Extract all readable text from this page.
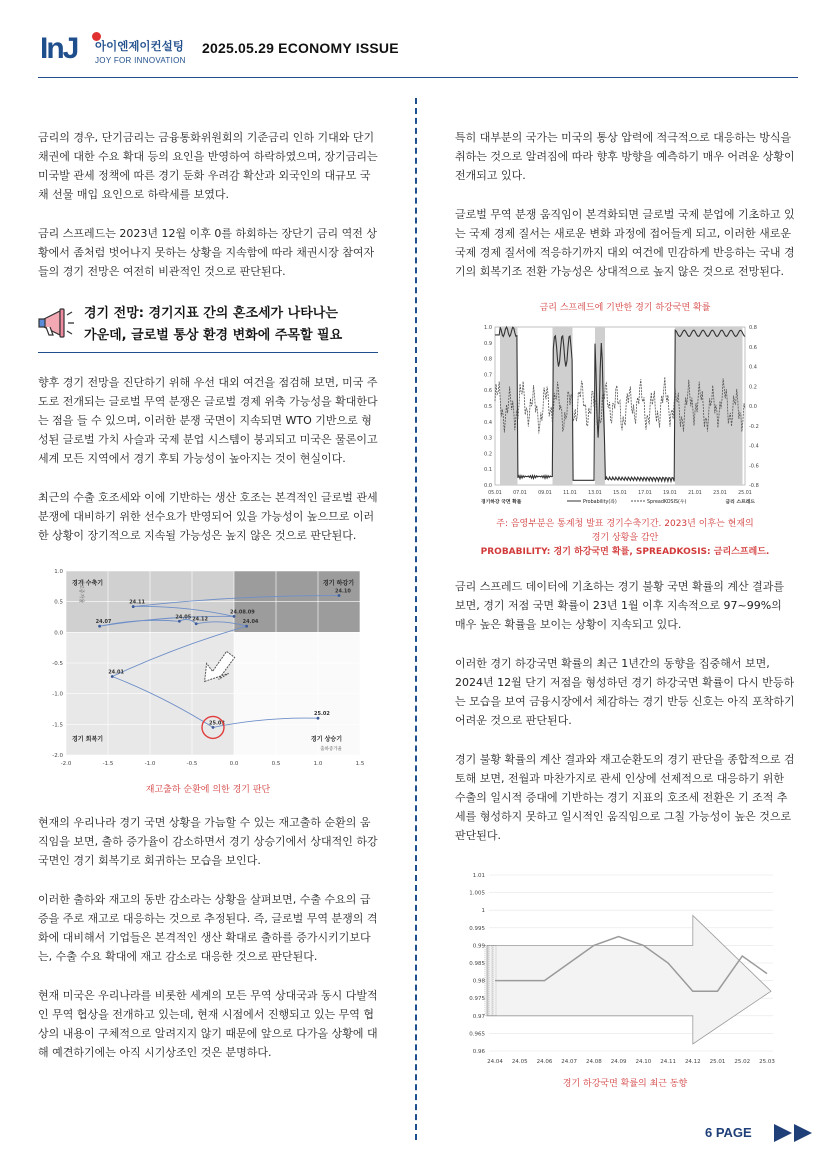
InJ 아이엔제이컨설팅
JOY FOR INNOVATION
2025.05.29 ECONOMY ISSUE

금리의 경우, 단기금리는 금융통화위원회의 기준금리 인하 기대와 단기채권에 대한 수요 확대 등의 요인을 반영하여 하락하였으며, 장기금리는 미국발 관세 정책에 따른 경기 둔화 우려감 확산과 외국인의 대규모 국채 선물 매입 요인으로 하락세를 보였다.

금리 스프레드는 2023년 12월 이후 0를 하회하는 장단기 금리 역전 상황에서 좀처럼 벗어나지 못하는 상황을 지속함에 따라 채권시장 참여자들의 경기 전망은 여전히 비관적인 것으로 판단된다.

경기 전망: 경기지표 간의 혼조세가 나타나는
가운데, 글로벌 통상 환경 변화에 주목할 필요

향후 경기 전망을 진단하기 위해 우선 대외 여건을 점검해 보면, 미국 주도로 전개되는 글로벌 무역 분쟁은 글로벌 경제 위축 가능성을 확대한다는 점을 들 수 있으며, 이러한 분쟁 국면이 지속되면 WTO 기반으로 형성된 글로벌 가치 사슬과 국제 분업 시스템이 붕괴되고 미국은 물론이고 세계 모든 지역에서 경기 후퇴 가능성이 높아지는 것이 현실이다.

최근의 수출 호조세와 이에 기반하는 생산 호조는 본격적인 글로벌 관세 분쟁에 대비하기 위한 선수요가 반영되어 있을 가능성이 높으므로 이러한 상황이 장기적으로 지속될 가능성은 높지 않은 것으로 판단된다.

-2.0	-1.5	-1.0	-0.5	0.0	0.5	1.0	1.5
1.0
0.5
0.0
-0.5
-1.0
-1.5
-2.0
경기 수축기	경기 하강기
경기 회복기	경기 상승기
재고증가율
출하증가율
24.10
24.11
24.08.09
24.07
24.05 24.12	24.04
24.01
25.03
25.02
재고출하 순환에 의한 경기 판단

현재의 우리나라 경기 국면 상황을 가늠할 수 있는 재고출하 순환의 움직임을 보면, 출하 증가율이 감소하면서 경기 상승기에서 상대적인 하강 국면인 경기 회복기로 회귀하는 모습을 보인다.

이러한 출하와 재고의 동반 감소라는 상황을 살펴보면, 수출 수요의 급증을 주로 재고로 대응하는 것으로 추정된다. 즉, 글로벌 무역 분쟁의 격화에 대비해서 기업들은 본격적인 생산 확대로 출하를 증가시키기보다는, 수출 수요 확대에 재고 감소로 대응한 것으로 판단된다.

현재 미국은 우리나라를 비롯한 세계의 모든 무역 상대국과 동시 다발적인 무역 협상을 전개하고 있는데, 현재 시점에서 진행되고 있는 무역 협상의 내용이 구체적으로 알려지지 않기 때문에 앞으로 다가올 상황에 대해 예견하기에는 아직 시기상조인 것은 분명하다.

특히 대부분의 국가는 미국의 통상 압력에 적극적으로 대응하는 방식을 취하는 것으로 알려짐에 따라 향후 방향을 예측하기 매우 어려운 상황이 전개되고 있다.

글로벌 무역 분쟁 움직임이 본격화되면 글로벌 국제 분업에 기초하고 있는 국제 경제 질서는 새로운 변화 과정에 접어들게 되고, 이러한 새로운 국제 경제 질서에 적응하기까지 대외 여건에 민감하게 반응하는 국내 경기의 회복기조 전환 가능성은 상대적으로 높지 않은 것으로 전망된다.

금리 스프레드에 기반한 경기 하강국면 확률
0.0
0.1
0.2
0.3
0.4
0.5
0.6
0.7
0.8
0.9
1.0
-0.8
-0.6
-0.4
-0.2
0.0
0.2
0.4
0.6
0.8
05.01 07.01 09.01 11.01 13.01 15.01 17.01 19.01 21.01 23.01 25.01
경기하강 국면 확률	Probability(좌)	SpreadKOSIS(우)	금리 스프레드
주: 음영부분은 통계청 발표 경기수축기간. 2023년 이후는 현재의
경기 상황을 감안
PROBABILITY: 경기 하강국면 확률, SPREADKOSIS: 금리스프레드.

금리 스프레드 데이터에 기초하는 경기 불황 국면 확률의 계산 결과를 보면, 경기 저점 국면 확률이 23년 1월 이후 지속적으로 97~99%의 매우 높은 확률을 보이는 상황이 지속되고 있다.

이러한 경기 하강국면 확률의 최근 1년간의 동향을 집중해서 보면, 2024년 12월 단기 저점을 형성하던 경기 하강국면 확률이 다시 반등하는 모습을 보여 금융시장에서 체감하는 경기 반등 신호는 아직 포착하기 어려운 것으로 판단된다.

경기 불황 확률의 계산 결과와 재고순환도의 경기 판단을 종합적으로 검토해 보면, 전월과 마찬가지로 관세 인상에 선제적으로 대응하기 위한 수출의 일시적 증대에 기반하는 경기 지표의 호조세 전환은 기 조적 추세를 형성하지 못하고 일시적인 움직임으로 그칠 가능성이 높은 것으로 판단된다.

0.96
0.965
0.97
0.975
0.98
0.985
0.99
0.995
1
1.005
1.01
24.04 24.05 24.06 24.07 24.08 24.09 24.10 24.11 24.12 25.01 25.02 25.03
경기 하강국면 확률의 최근 동향
6 PAGE
